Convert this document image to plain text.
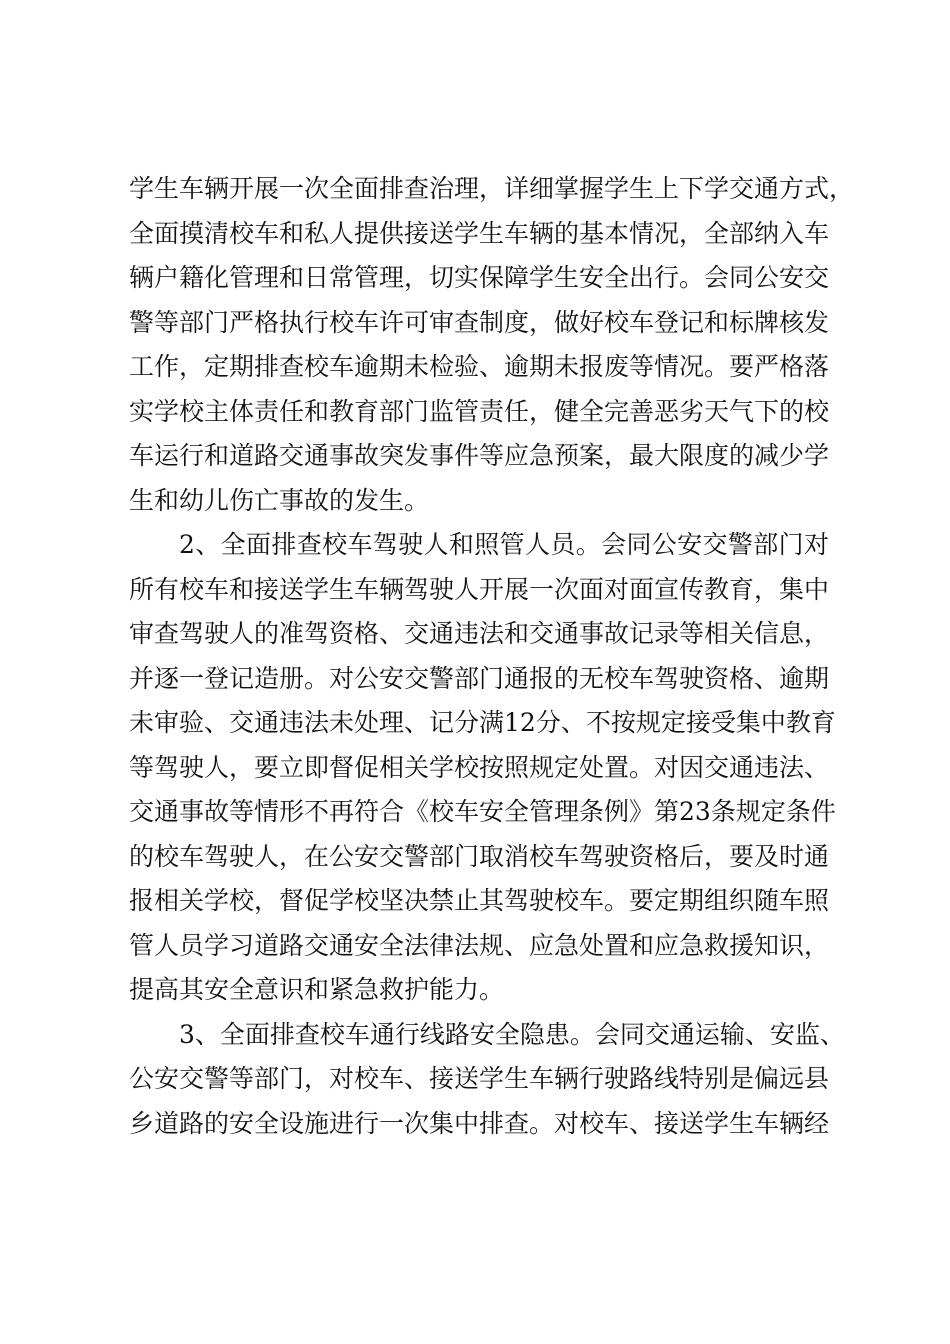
学生车辆开展一次全面排查治理，详细掌握学生上下学交通方式，
全面摸清校车和私人提供接送学生车辆的基本情况，全部纳入车
辆户籍化管理和日常管理，切实保障学生安全出行。会同公安交
警等部门严格执行校车许可审查制度，做好校车登记和标牌核发
工作，定期排查校车逾期未检验、逾期未报废等情况。要严格落
实学校主体责任和教育部门监管责任，健全完善恶劣天气下的校
车运行和道路交通事故突发事件等应急预案，最大限度的减少学
生和幼儿伤亡事故的发生。
2、全面排查校车驾驶人和照管人员。会同公安交警部门对
所有校车和接送学生车辆驾驶人开展一次面对面宣传教育，集中
审查驾驶人的准驾资格、交通违法和交通事故记录等相关信息，
并逐一登记造册。对公安交警部门通报的无校车驾驶资格、逾期
未审验、交通违法未处理、记分满12分、不按规定接受集中教育
等驾驶人，要立即督促相关学校按照规定处置。对因交通违法、
交通事故等情形不再符合《校车安全管理条例》第23条规定条件
的校车驾驶人，在公安交警部门取消校车驾驶资格后，要及时通
报相关学校，督促学校坚决禁止其驾驶校车。要定期组织随车照
管人员学习道路交通安全法律法规、应急处置和应急救援知识，
提高其安全意识和紧急救护能力。
3、全面排查校车通行线路安全隐患。会同交通运输、安监、
公安交警等部门，对校车、接送学生车辆行驶路线特别是偏远县
乡道路的安全设施进行一次集中排查。对校车、接送学生车辆经
